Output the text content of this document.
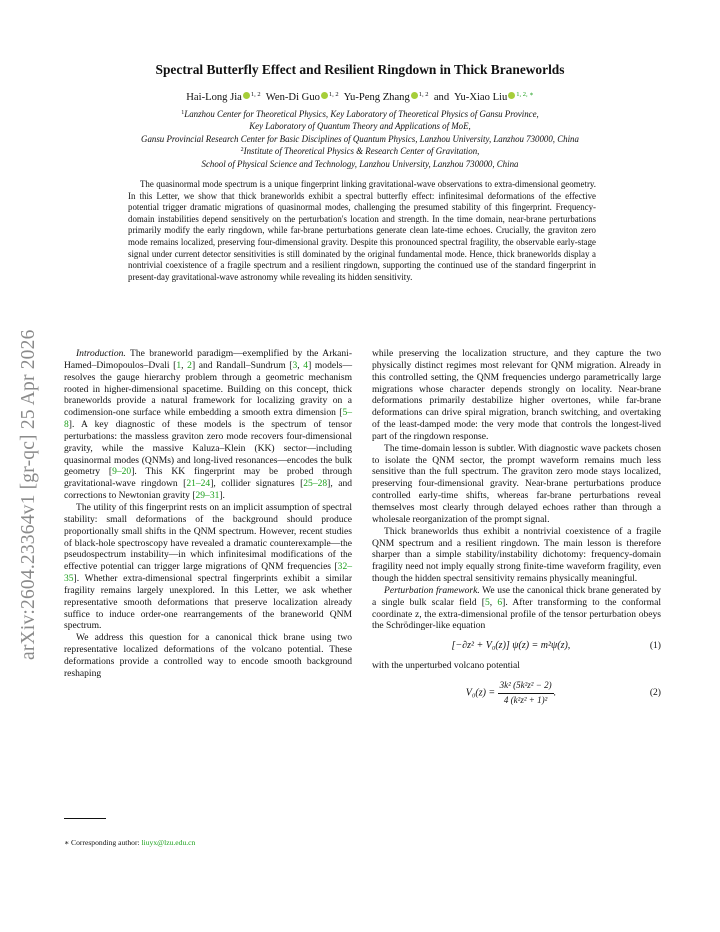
arXiv:2604.23364v1 [gr-qc] 25 Apr 2026
Spectral Butterfly Effect and Resilient Ringdown in Thick Braneworlds
Hai-Long Jia $^{1, 2}$ Wen-Di Guo $^{1, 2}$ Yu-Peng Zhang $^{1, 2}$ and Yu-Xiao Liu $^{1, 2, ∗}$
$^1$Lanzhou Center for Theoretical Physics, Key Laboratory of Theoretical Physics of Gansu Province,
Key Laboratory of Quantum Theory and Applications of MoE,
Gansu Provincial Research Center for Basic Disciplines of Quantum Physics, Lanzhou University, Lanzhou 730000, China
$^2$Institute of Theoretical Physics & Research Center of Gravitation,
School of Physical Science and Technology, Lanzhou University, Lanzhou 730000, China
The quasinormal mode spectrum is a unique fingerprint linking gravitational-wave observations to extra-dimensional geometry. In this Letter, we show that thick braneworlds exhibit a spectral butterfly effect: infinitesimal deformations of the effective potential trigger dramatic migrations of quasinormal modes, challenging the presumed stability of this fingerprint. Frequency-domain instabilities depend sensitively on the perturbation's location and strength. In the time domain, near-brane perturbations primarily modify the early ringdown, while far-brane perturbations generate clean late-time echoes. Crucially, the graviton zero mode remains localized, preserving four-dimensional gravity. Despite this pronounced spectral fragility, the observable early-stage signal under current detector sensitivities is still dominated by the original fundamental mode. Hence, thick braneworlds display a nontrivial coexistence of a fragile spectrum and a resilient ringdown, supporting the continued use of the standard fingerprint in present-day gravitational-wave astronomy while revealing its hidden sensitivity.

Introduction. The braneworld paradigm—exemplified by the Arkani-Hamed–Dimopoulos–Dvali [1, 2] and Randall–Sundrum [3, 4] models—resolves the gauge hierarchy problem through a geometric mechanism rooted in higher-dimensional spacetime. Building on this concept, thick braneworlds provide a natural framework for localizing gravity on a codimension-one surface while embedding a smooth extra dimension [5–8]. A key diagnostic of these models is the spectrum of tensor perturbations: the massless graviton zero mode recovers four-dimensional gravity, while the massive Kaluza–Klein (KK) sector—including quasinormal modes (QNMs) and long-lived resonances—encodes the bulk geometry [9–20]. This KK fingerprint may be probed through gravitational-wave ringdown [21–24], collider signatures [25–28], and corrections to Newtonian gravity [29–31].

The utility of this fingerprint rests on an implicit assumption of spectral stability: small deformations of the background should produce proportionally small shifts in the QNM spectrum. However, recent studies of black-hole spectroscopy have revealed a dramatic counterexample—the pseudospectrum instability—in which infinitesimal modifications of the effective potential can trigger large migrations of QNM frequencies [32–35]. Whether extra-dimensional spectral fingerprints exhibit a similar fragility remains largely unexplored. In this Letter, we ask whether representative smooth deformations that preserve localization already suffice to induce order-one rearrangements of the braneworld QNM spectrum.

We address this question for a canonical thick brane using two representative localized deformations of the volcano potential. These deformations provide a controlled way to encode smooth background reshaping

while preserving the localization structure, and they capture the two physically distinct regimes most relevant for QNM migration. Already in this controlled setting, the QNM frequencies undergo parametrically large migrations whose character depends strongly on locality. Near-brane deformations primarily destabilize higher overtones, while far-brane deformations can drive spiral migration, branch switching, and overtaking of the least-damped mode: the very mode that controls the longest-lived part of the ringdown response.

The time-domain lesson is subtler. With diagnostic wave packets chosen to isolate the QNM sector, the prompt waveform remains much less sensitive than the full spectrum. The graviton zero mode stays localized, preserving four-dimensional gravity. Near-brane perturbations produce controlled early-time shifts, whereas far-brane perturbations reveal themselves most clearly through delayed echoes rather than through a wholesale reorganization of the prompt signal.

Thick braneworlds thus exhibit a nontrivial coexistence of a fragile QNM spectrum and a resilient ringdown. The main lesson is therefore sharper than a simple stability/instability dichotomy: frequency-domain fragility need not imply equally strong finite-time waveform fragility, even though the hidden spectral sensitivity remains physically meaningful.

Perturbation framework. We use the canonical thick brane generated by a single bulk scalar field [5, 6]. After transforming to the conformal coordinate z, the extra-dimensional profile of the tensor perturbation obeys the Schrödinger-like equation

[−∂z² + V₀(z)] ψ(z) = m²ψ(z),	(1)

with the unperturbed volcano potential

$V_0(z) = \frac{\text{3k² (5k²z² − 2)}}{\text{4 (k²z² + 1)²}}$ .	(2)
∗ Corresponding author: liuyx@lzu.edu.cn
